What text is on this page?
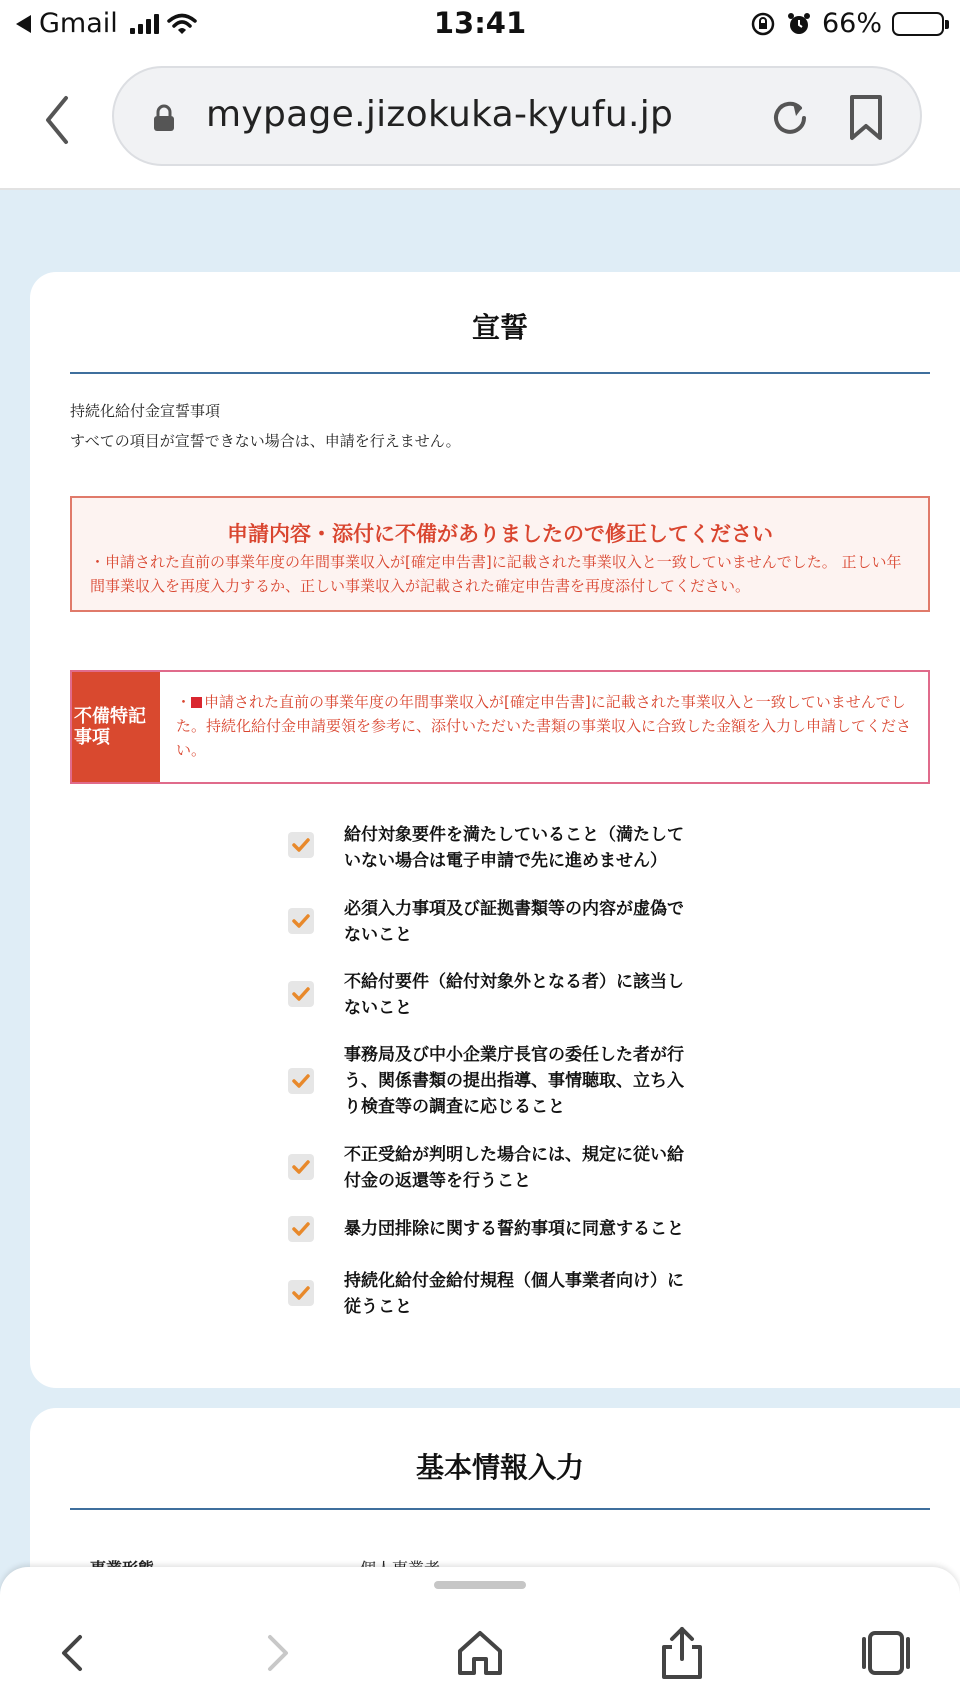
Gmail	13:41	66%
mypage.jizokuka-kyufu.jp
宣誓
持続化給付金宣誓事項
すべての項目が宣誓できない場合は、申請を行えません。
申請内容・添付に不備がありましたので修正してください
・申請された直前の事業年度の年間事業収入が[確定申告書]に記載された事業収入と一致していませんでした。 正しい年間事業収入を再度入力するか、正しい事業収入が記載された確定申告書を再度添付してください。
不備特記事項
・ 申請された直前の事業年度の年間事業収入が[確定申告書]に記載された事業収入と一致していませんでした。持続化給付金申請要領を参考に、添付いただいた書類の事業収入に合致した金額を入力し申請してください。
給付対象要件を満たしていること（満たしていない場合は電子申請で先に進めません）
必須入力事項及び証拠書類等の内容が虚偽でないこと
不給付要件（給付対象外となる者）に該当しないこと
事務局及び中小企業庁長官の委任した者が行う、関係書類の提出指導、事情聴取、立ち入り検査等の調査に応じること
不正受給が判明した場合には、規定に従い給付金の返還等を行うこと
暴力団排除に関する誓約事項に同意すること
持続化給付金給付規程（個人事業者向け）に従うこと
基本情報入力
